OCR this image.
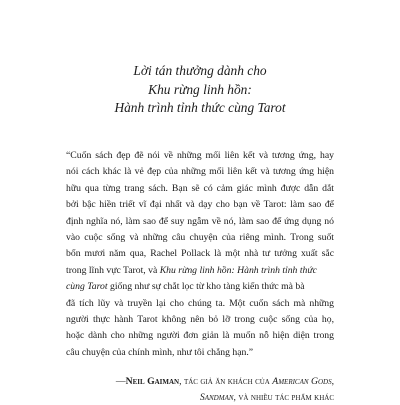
Lời tán thưởng dành cho
Khu rừng linh hồn:
Hành trình tỉnh thức cùng Tarot
“Cuốn sách đẹp đẽ nói về những mối liên kết và tương ứng, hay
nói cách khác là vẻ đẹp của những mối liên kết và tương ứng hiện
hữu qua từng trang sách. Bạn sẽ có cảm giác mình được dẫn dắt
bởi bậc hiền triết vĩ đại nhất và dạy cho bạn về Tarot: làm sao để
định nghĩa nó, làm sao để suy ngẫm về nó, làm sao để ứng dụng nó
vào cuộc sống và những câu chuyện của riêng mình. Trong suốt
bốn mươi năm qua, Rachel Pollack là một nhà tư tưởng xuất sắc
trong lĩnh vực Tarot, và Khu rừng linh hồn: Hành trình tỉnh thức
cùng Tarot giống như sự chắt lọc từ kho tàng kiến thức mà bà
đã tích lũy và truyền lại cho chúng ta. Một cuốn sách mà những
người thực hành Tarot không nên bỏ lỡ trong cuộc sống của họ,
hoặc dành cho những người đơn giản là muốn nỗ hiện diện trong
câu chuyện của chính mình, như tôi chẳng hạn.”
—Neil Gaiman, tác giả ăn khách của American Gods,
Sandman, và nhiều tác phẩm khác
